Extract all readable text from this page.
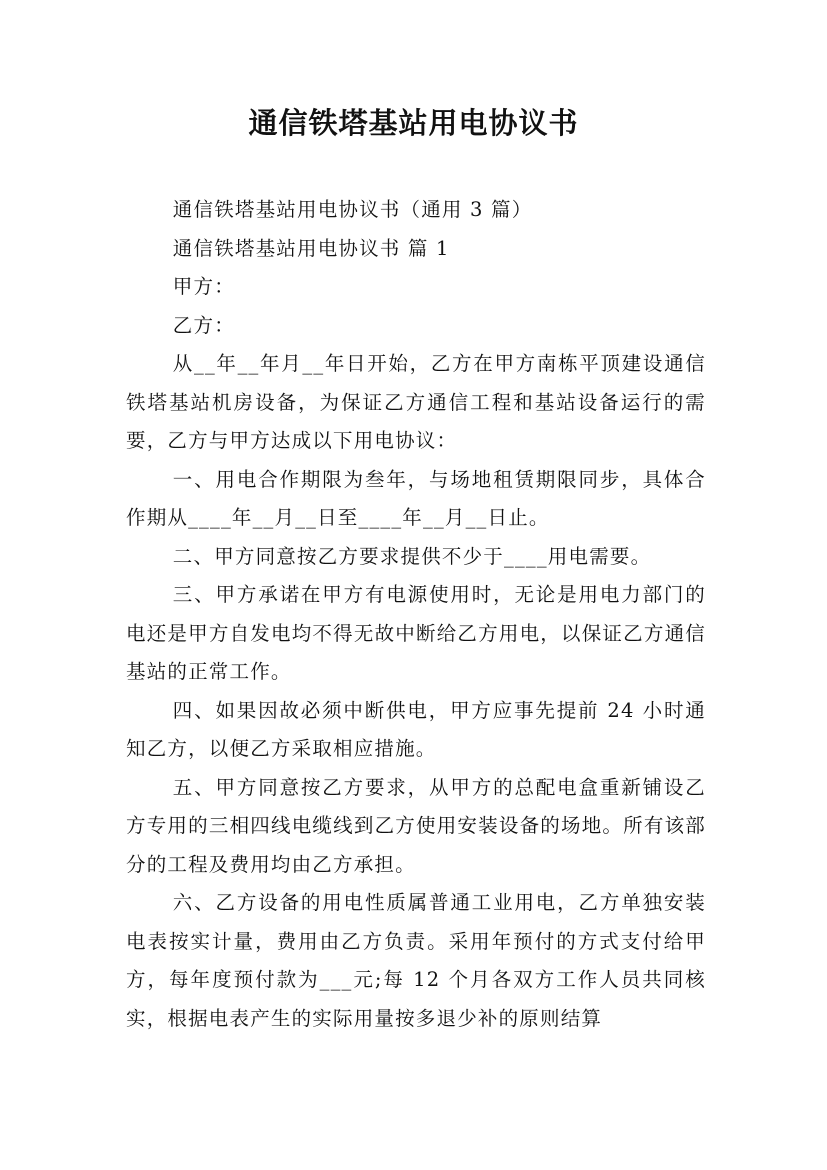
通信铁塔基站用电协议书

通信铁塔基站用电协议书（通用 3 篇）

通信铁塔基站用电协议书 篇 1

甲方：

乙方：

从__年__年月__年日开始，乙方在甲方南栋平顶建设通信铁塔基站机房设备，为保证乙方通信工程和基站设备运行的需要，乙方与甲方达成以下用电协议：

一、用电合作期限为叁年，与场地租赁期限同步，具体合作期从____年__月__日至____年__月__日止。

二、甲方同意按乙方要求提供不少于____用电需要。

三、甲方承诺在甲方有电源使用时，无论是用电力部门的电还是甲方自发电均不得无故中断给乙方用电，以保证乙方通信基站的正常工作。

四、如果因故必须中断供电，甲方应事先提前 24 小时通知乙方，以便乙方采取相应措施。

五、甲方同意按乙方要求，从甲方的总配电盒重新铺设乙方专用的三相四线电缆线到乙方使用安装设备的场地。所有该部分的工程及费用均由乙方承担。

六、乙方设备的用电性质属普通工业用电，乙方单独安装电表按实计量，费用由乙方负责。采用年预付的方式支付给甲方，每年度预付款为___元;每 12 个月各双方工作人员共同核实，根据电表产生的实际用量按多退少补的原则结算
